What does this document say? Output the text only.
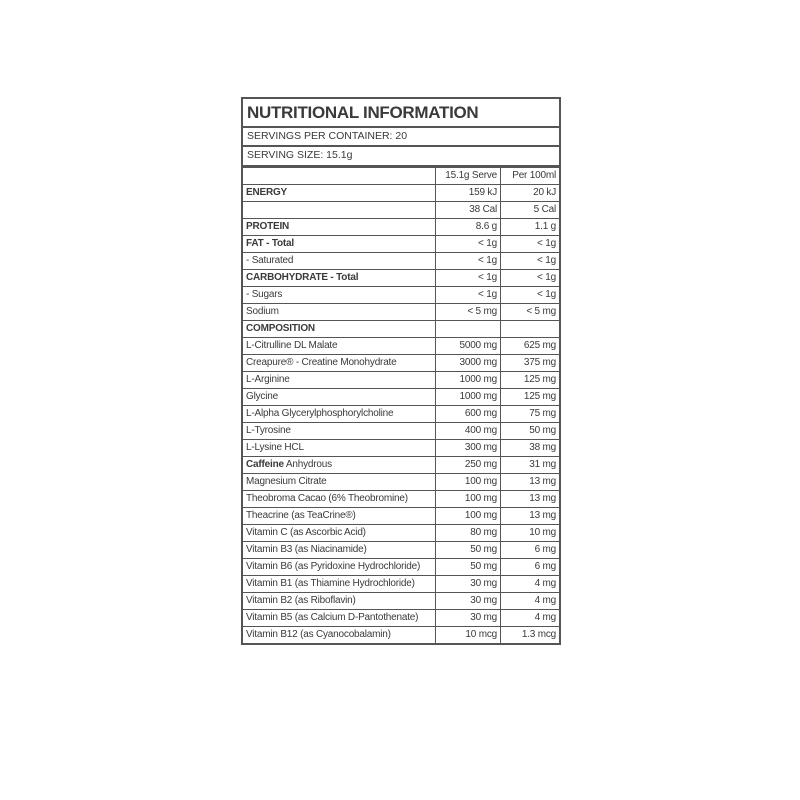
NUTRITIONAL INFORMATION
SERVINGS PER CONTAINER: 20
SERVING SIZE: 15.1g
	15.1g Serve	Per 100ml
ENERGY	159 kJ	20 kJ
	38 Cal	5 Cal
PROTEIN	8.6 g	1.1 g
FAT - Total	< 1g	< 1g
- Saturated	< 1g	< 1g
CARBOHYDRATE - Total	< 1g	< 1g
- Sugars	< 1g	< 1g
Sodium	< 5 mg	< 5 mg
COMPOSITION		
L-Citrulline DL Malate	5000 mg	625 mg
Creapure® - Creatine Monohydrate	3000 mg	375 mg
L-Arginine	1000 mg	125 mg
Glycine	1000 mg	125 mg
L-Alpha Glycerylphosphorylcholine	600 mg	75 mg
L-Tyrosine	400 mg	50 mg
L-Lysine HCL	300 mg	38 mg
Caffeine Anhydrous	250 mg	31 mg
Magnesium Citrate	100 mg	13 mg
Theobroma Cacao (6% Theobromine)	100 mg	13 mg
Theacrine (as TeaCrine®)	100 mg	13 mg
Vitamin C (as Ascorbic Acid)	80 mg	10 mg
Vitamin B3 (as Niacinamide)	50 mg	6 mg
Vitamin B6 (as Pyridoxine Hydrochloride)	50 mg	6 mg
Vitamin B1 (as Thiamine Hydrochloride)	30 mg	4 mg
Vitamin B2 (as Riboflavin)	30 mg	4 mg
Vitamin B5 (as Calcium D-Pantothenate)	30 mg	4 mg
Vitamin B12 (as Cyanocobalamin)	10 mcg	1.3 mcg
